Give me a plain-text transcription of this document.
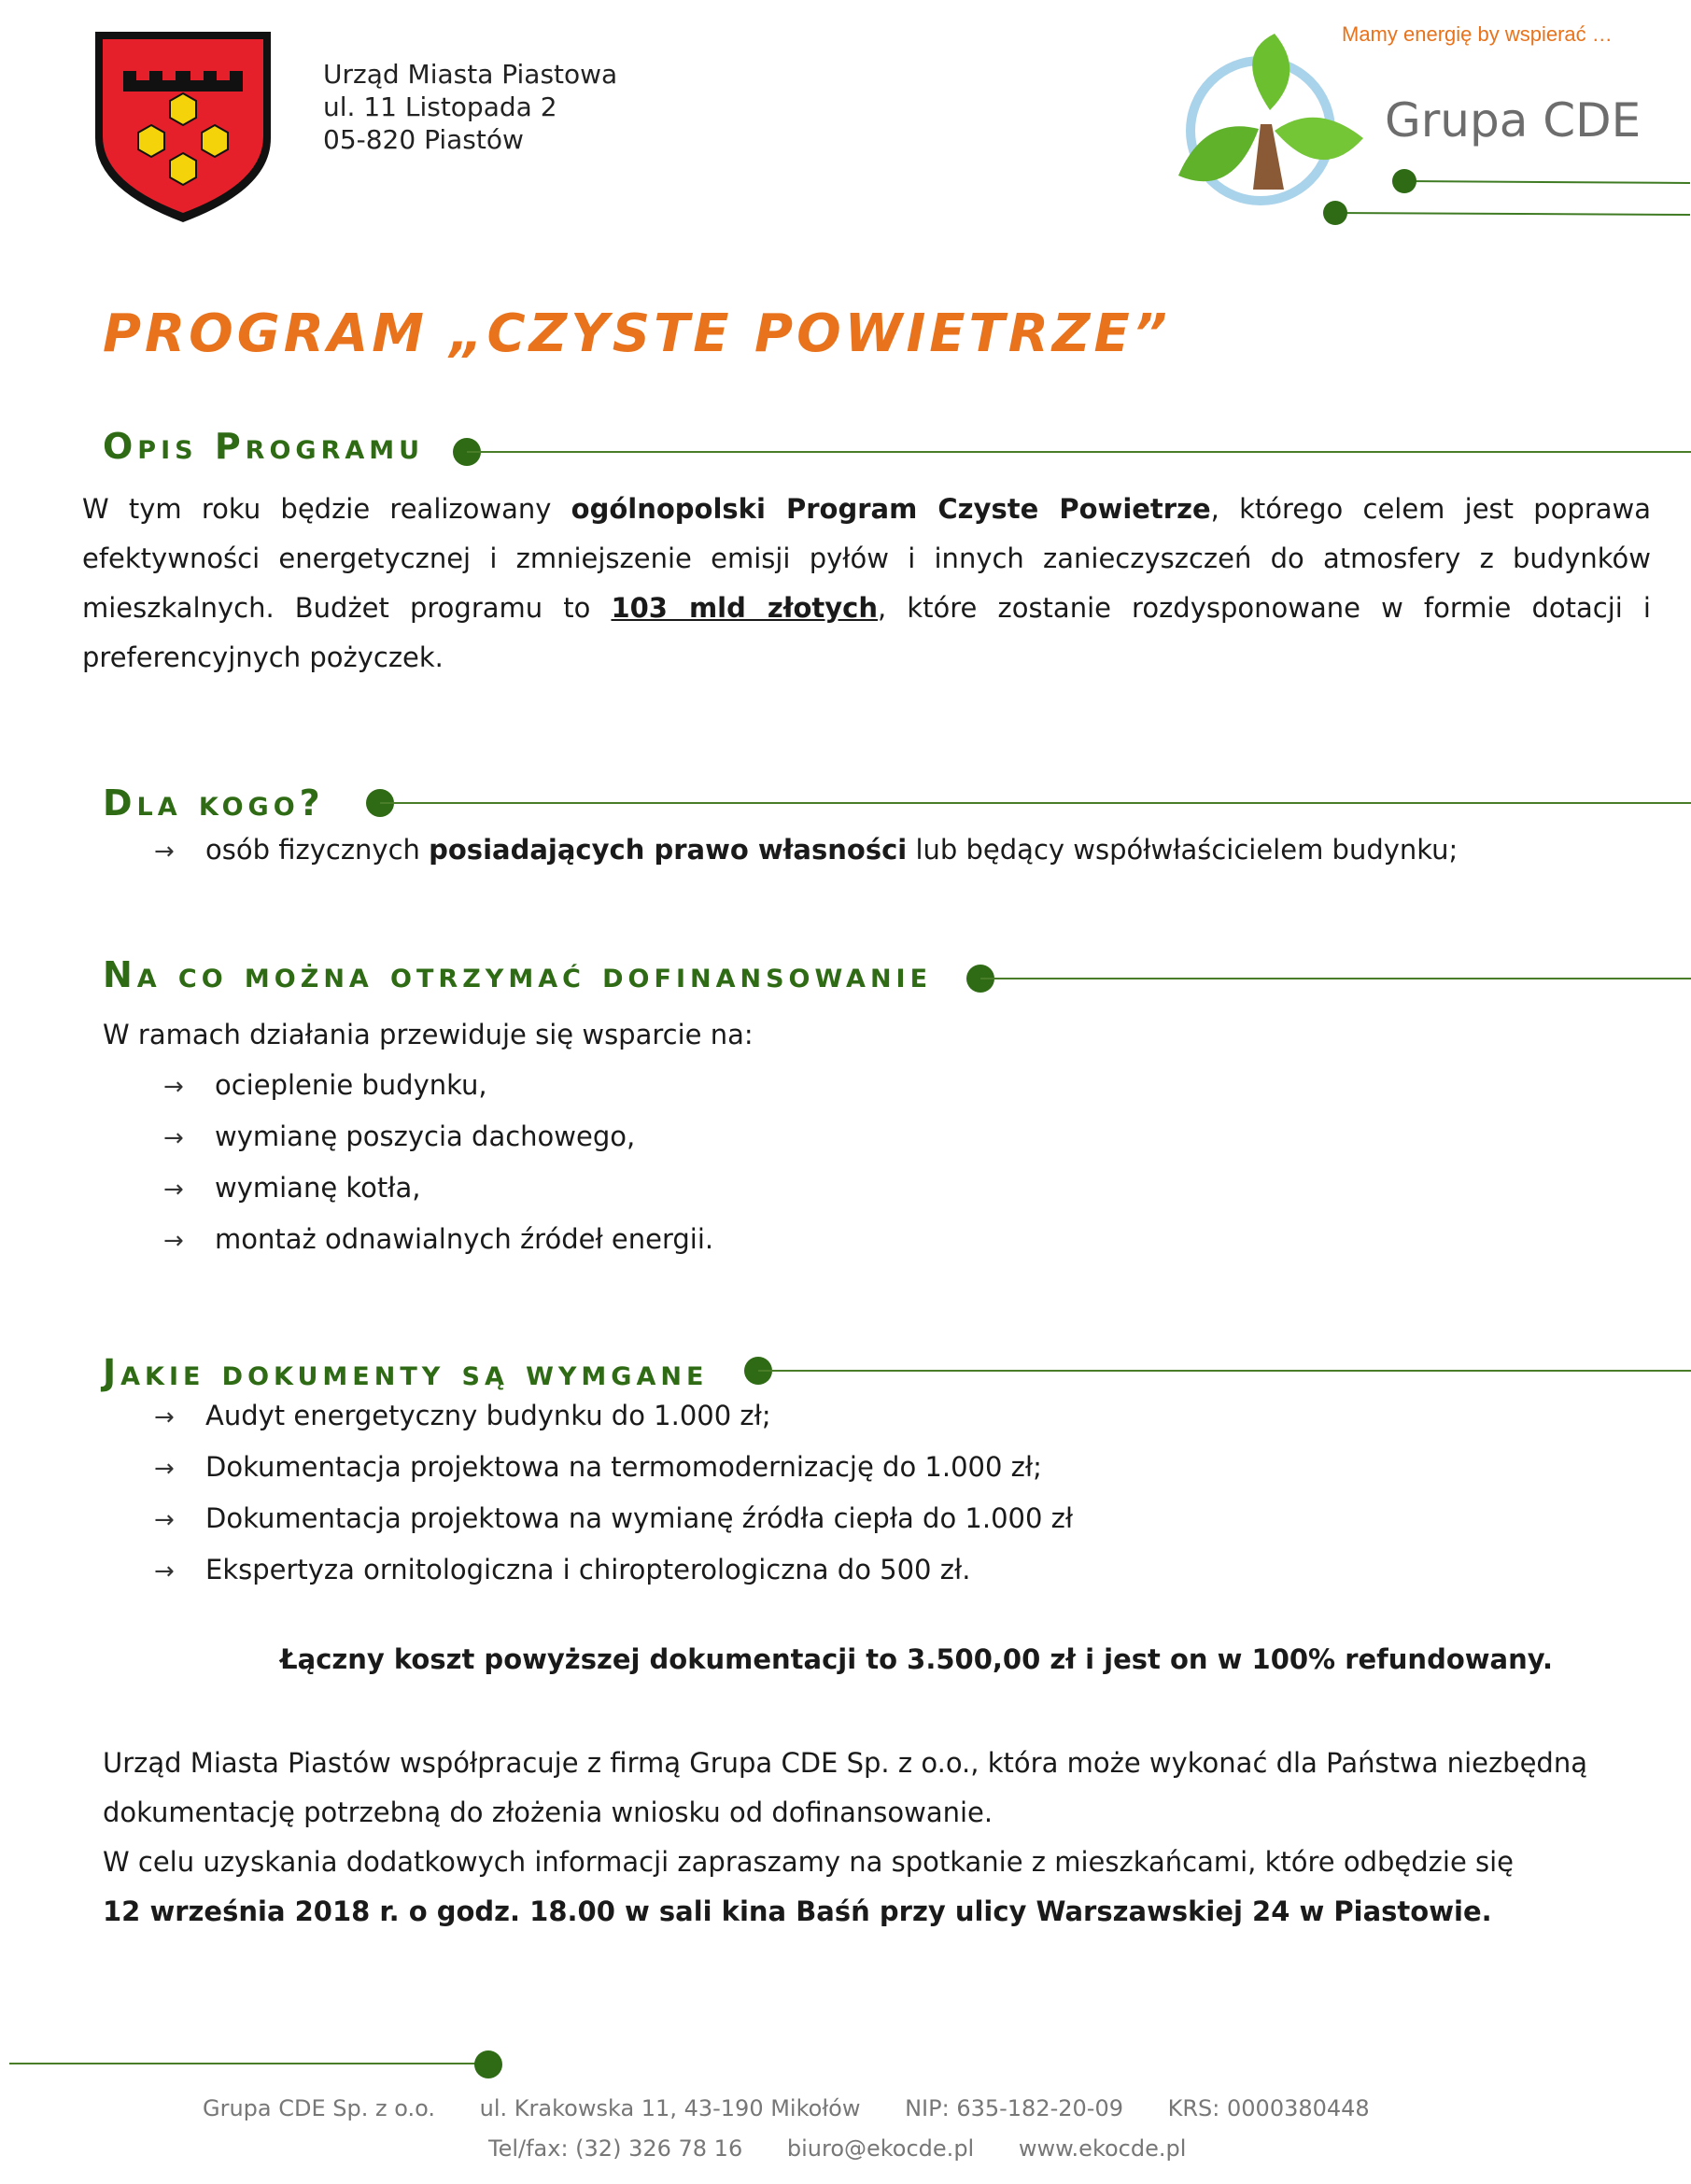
Urząd Miasta Piastowa
ul. 11 Listopada 2
05-820 Piastów
Mamy energię by wspierać …
Grupa CDE
PROGRAM „CZYSTE POWIETRZE”
Opis Programu
W tym roku będzie realizowany ogólnopolski Program Czyste Powietrze, którego celem jest poprawa efektywności energetycznej i zmniejszenie emisji pyłów i innych zanieczyszczeń do atmosfery z budynków mieszkalnych. Budżet programu to 103 mld złotych, które zostanie rozdysponowane w formie dotacji i preferencyjnych pożyczek.
Dla kogo?
→ osób fizycznych posiadających prawo własności lub będący współwłaścicielem budynku;
Na co można otrzymać dofinansowanie
W ramach działania przewiduje się wsparcie na:
→ ocieplenie budynku,
→ wymianę poszycia dachowego,
→ wymianę kotła,
→ montaż odnawialnych źródeł energii.
Jakie dokumenty są wymgane
→ Audyt energetyczny budynku do 1.000 zł;
→ Dokumentacja projektowa na termomodernizację do 1.000 zł;
→ Dokumentacja projektowa na wymianę źródła ciepła do 1.000 zł
→ Ekspertyza ornitologiczna i chiropterologiczna do 500 zł.
Łączny koszt powyższej dokumentacji to 3.500,00 zł i jest on w 100% refundowany.
Urząd Miasta Piastów współpracuje z firmą Grupa CDE Sp. z o.o., która może wykonać dla Państwa niezbędną dokumentację potrzebną do złożenia wniosku od dofinansowanie.
W celu uzyskania dodatkowych informacji zapraszamy na spotkanie z mieszkańcami, które odbędzie się
12 września 2018 r. o godz. 18.00 w sali kina Baśń przy ulicy Warszawskiej 24 w Piastowie.
Grupa CDE Sp. z o.o. ul. Krakowska 11, 43-190 Mikołów NIP: 635-182-20-09 KRS: 0000380448
Tel/fax: (32) 326 78 16 biuro@ekocde.pl www.ekocde.pl
